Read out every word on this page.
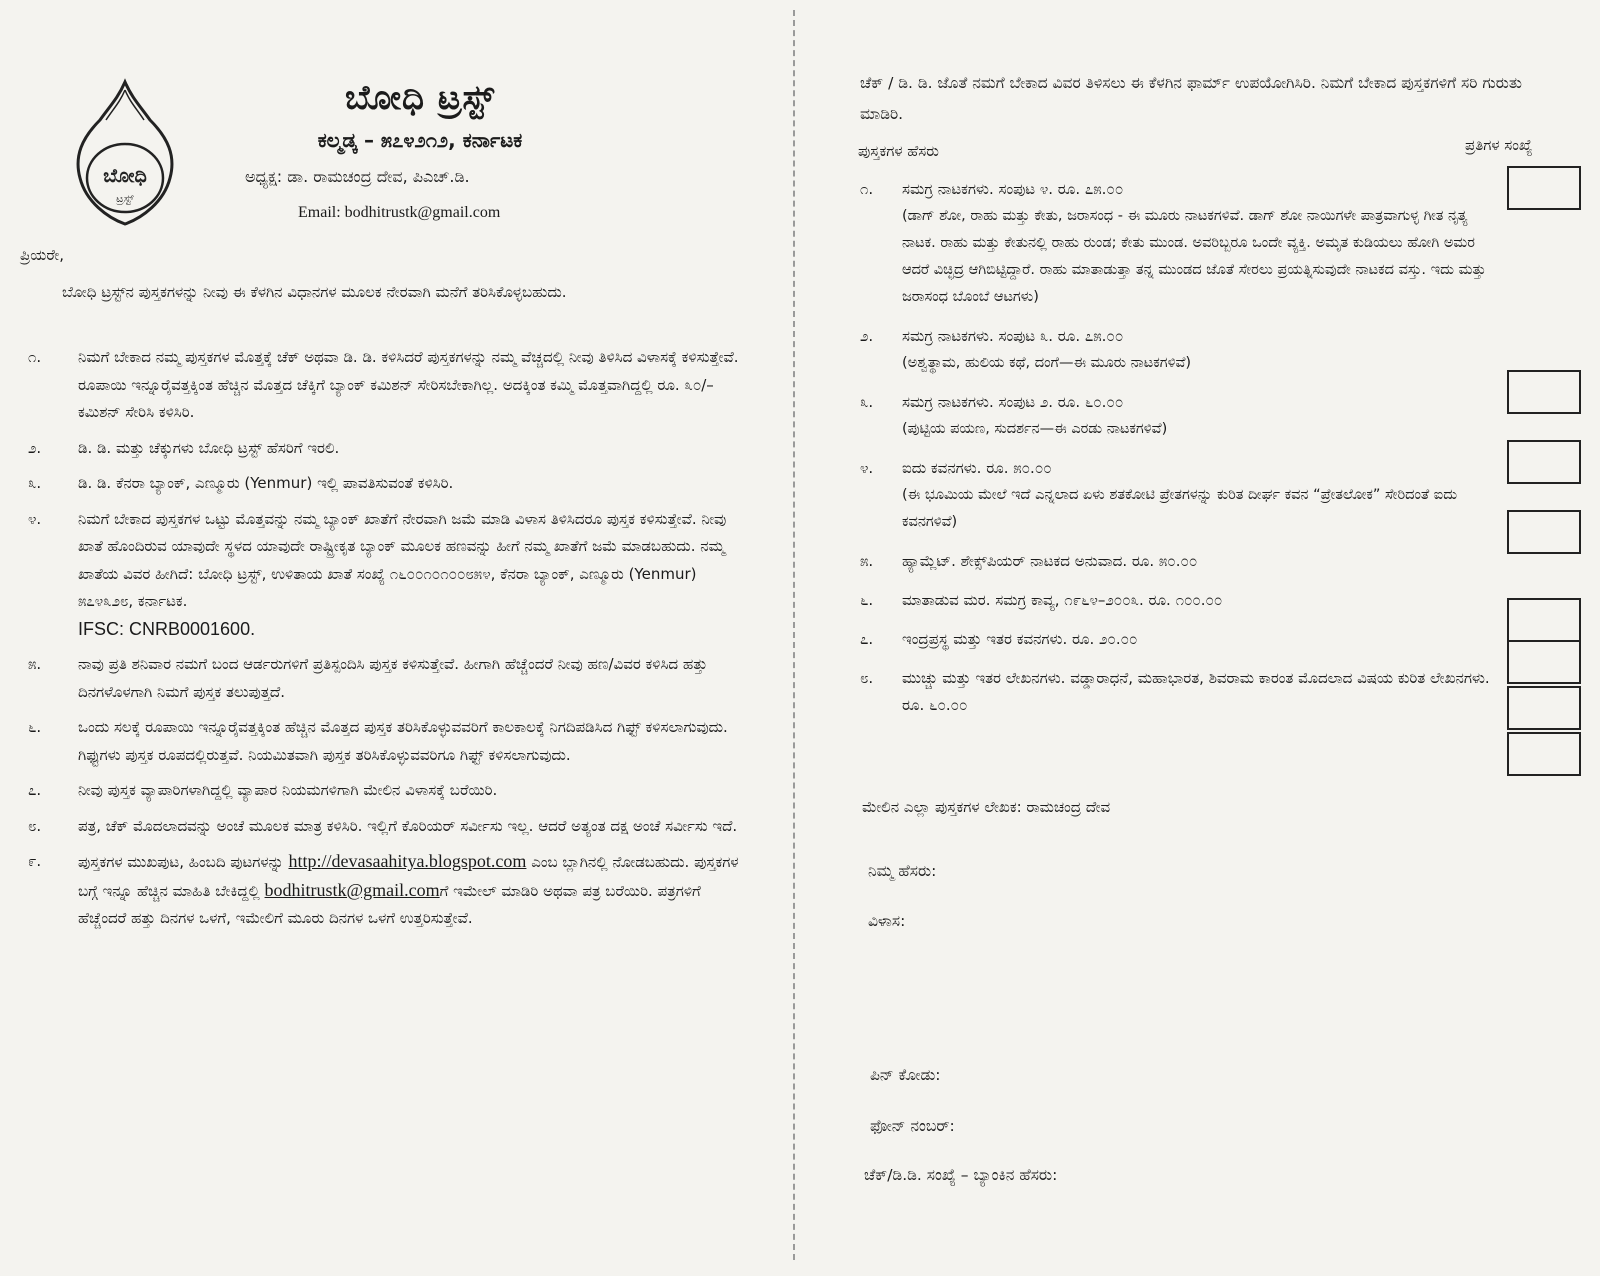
ಬೋಧಿ
ಟ್ರಸ್ಟ್
ಬೋಧಿ ಟ್ರಸ್ಟ್
ಕಲ್ಮಡ್ಕ – ೫೭೪೨೧೨, ಕರ್ನಾಟಕ
ಅಧ್ಯಕ್ಷ: ಡಾ. ರಾಮಚಂದ್ರ ದೇವ, ಪಿಎಚ್.ಡಿ.
Email: bodhitrustk@gmail.com
ಪ್ರಿಯರೇ,
ಬೋಧಿ ಟ್ರಸ್ಟ್‌ನ ಪುಸ್ತಕಗಳನ್ನು ನೀವು ಈ ಕೆಳಗಿನ ವಿಧಾನಗಳ ಮೂಲಕ ನೇರವಾಗಿ ಮನೆಗೆ ತರಿಸಿಕೊಳ್ಳಬಹುದು.
೧. ನಿಮಗೆ ಬೇಕಾದ ನಮ್ಮ ಪುಸ್ತಕಗಳ ಮೊತ್ತಕ್ಕೆ ಚೆಕ್ ಅಥವಾ ಡಿ. ಡಿ. ಕಳಿಸಿದರೆ ಪುಸ್ತಕಗಳನ್ನು ನಮ್ಮ ವೆಚ್ಚದಲ್ಲಿ ನೀವು ತಿಳಿಸಿದ ವಿಳಾಸಕ್ಕೆ ಕಳಿಸುತ್ತೇವೆ. ರೂಪಾಯಿ ಇನ್ನೂರೈವತ್ತಕ್ಕಿಂತ ಹೆಚ್ಚಿನ ಮೊತ್ತದ ಚೆಕ್ಕಿಗೆ ಬ್ಯಾಂಕ್ ಕಮಿಶನ್ ಸೇರಿಸಬೇಕಾಗಿಲ್ಲ. ಅದಕ್ಕಿಂತ ಕಮ್ಮಿ ಮೊತ್ತವಾಗಿದ್ದಲ್ಲಿ ರೂ. ೩೦/– ಕಮಿಶನ್ ಸೇರಿಸಿ ಕಳಿಸಿರಿ.
೨. ಡಿ. ಡಿ. ಮತ್ತು ಚೆಕ್ಕುಗಳು ಬೋಧಿ ಟ್ರಸ್ಟ್ ಹೆಸರಿಗೆ ಇರಲಿ.
೩. ಡಿ. ಡಿ. ಕೆನರಾ ಬ್ಯಾಂಕ್, ಎಣ್ಮೂರು (Yenmur) ಇಲ್ಲಿ ಪಾವತಿಸುವಂತೆ ಕಳಿಸಿರಿ.
೪. ನಿಮಗೆ ಬೇಕಾದ ಪುಸ್ತಕಗಳ ಒಟ್ಟು ಮೊತ್ತವನ್ನು ನಮ್ಮ ಬ್ಯಾಂಕ್ ಖಾತೆಗೆ ನೇರವಾಗಿ ಜಮೆ ಮಾಡಿ ವಿಳಾಸ ತಿಳಿಸಿದರೂ ಪುಸ್ತಕ ಕಳಿಸುತ್ತೇವೆ. ನೀವು ಖಾತೆ ಹೊಂದಿರುವ ಯಾವುದೇ ಸ್ಥಳದ ಯಾವುದೇ ರಾಷ್ಟ್ರೀಕೃತ ಬ್ಯಾಂಕ್ ಮೂಲಕ ಹಣವನ್ನು ಹೀಗೆ ನಮ್ಮ ಖಾತೆಗೆ ಜಮೆ ಮಾಡಬಹುದು. ನಮ್ಮ ಖಾತೆಯ ವಿವರ ಹೀಗಿದೆ: ಬೋಧಿ ಟ್ರಸ್ಟ್, ಉಳಿತಾಯ ಖಾತೆ ಸಂಖ್ಯೆ ೧೬೦೦೧೦೧೦೦೮೫೪, ಕೆನರಾ ಬ್ಯಾಂಕ್, ಎಣ್ಮೂರು (Yenmur) ೫೭೪೩೨೮, ಕರ್ನಾಟಕ.
IFSC: CNRB0001600.
೫. ನಾವು ಪ್ರತಿ ಶನಿವಾರ ನಮಗೆ ಬಂದ ಆರ್ಡರುಗಳಿಗೆ ಪ್ರತಿಸ್ಪಂದಿಸಿ ಪುಸ್ತಕ ಕಳಿಸುತ್ತೇವೆ. ಹೀಗಾಗಿ ಹೆಚ್ಚೆಂದರೆ ನೀವು ಹಣ/ವಿವರ ಕಳಿಸಿದ ಹತ್ತು ದಿನಗಳೊಳಗಾಗಿ ನಿಮಗೆ ಪುಸ್ತಕ ತಲುಪುತ್ತದೆ.
೬. ಒಂದು ಸಲಕ್ಕೆ ರೂಪಾಯಿ ಇನ್ನೂರೈವತ್ತಕ್ಕಿಂತ ಹೆಚ್ಚಿನ ಮೊತ್ತದ ಪುಸ್ತಕ ತರಿಸಿಕೊಳ್ಳುವವರಿಗೆ ಕಾಲಕಾಲಕ್ಕೆ ನಿಗದಿಪಡಿಸಿದ ಗಿಫ್ಟ್ ಕಳಿಸಲಾಗುವುದು. ಗಿಫ್ಟುಗಳು ಪುಸ್ತಕ ರೂಪದಲ್ಲಿರುತ್ತವೆ. ನಿಯಮಿತವಾಗಿ ಪುಸ್ತಕ ತರಿಸಿಕೊಳ್ಳುವವರಿಗೂ ಗಿಫ್ಟ್ ಕಳಿಸಲಾಗುವುದು.
೭. ನೀವು ಪುಸ್ತಕ ವ್ಯಾಪಾರಿಗಳಾಗಿದ್ದಲ್ಲಿ ವ್ಯಾಪಾರ ನಿಯಮಗಳಿಗಾಗಿ ಮೇಲಿನ ವಿಳಾಸಕ್ಕೆ ಬರೆಯಿರಿ.
೮. ಪತ್ರ, ಚೆಕ್ ಮೊದಲಾದವನ್ನು ಅಂಚೆ ಮೂಲಕ ಮಾತ್ರ ಕಳಿಸಿರಿ. ಇಲ್ಲಿಗೆ ಕೊರಿಯರ್ ಸರ್ವೀಸು ಇಲ್ಲ. ಆದರೆ ಅತ್ಯಂತ ದಕ್ಷ ಅಂಚೆ ಸರ್ವೀಸು ಇದೆ.
೯. ಪುಸ್ತಕಗಳ ಮುಖಪುಟ, ಹಿಂಬದಿ ಪುಟಗಳನ್ನು http://devasaahitya.blogspot.com ಎಂಬ ಬ್ಲಾಗಿನಲ್ಲಿ ನೋಡಬಹುದು. ಪುಸ್ತಕಗಳ ಬಗ್ಗೆ ಇನ್ನೂ ಹೆಚ್ಚಿನ ಮಾಹಿತಿ ಬೇಕಿದ್ದಲ್ಲಿ bodhitrustk@gmail.comಗೆ ಇಮೇಲ್ ಮಾಡಿರಿ ಅಥವಾ ಪತ್ರ ಬರೆಯಿರಿ. ಪತ್ರಗಳಿಗೆ ಹೆಚ್ಚೆಂದರೆ ಹತ್ತು ದಿನಗಳ ಒಳಗೆ, ಇಮೇಲಿಗೆ ಮೂರು ದಿನಗಳ ಒಳಗೆ ಉತ್ತರಿಸುತ್ತೇವೆ.
ಚೆಕ್ / ಡಿ. ಡಿ. ಜೊತೆ ನಮಗೆ ಬೇಕಾದ ವಿವರ ತಿಳಿಸಲು ಈ ಕೆಳಗಿನ ಫಾರ್ಮ್ ಉಪಯೋಗಿಸಿರಿ. ನಿಮಗೆ ಬೇಕಾದ ಪುಸ್ತಕಗಳಿಗೆ ಸರಿ ಗುರುತು ಮಾಡಿರಿ.
ಪುಸ್ತಕಗಳ ಹೆಸರು	ಪ್ರತಿಗಳ ಸಂಖ್ಯೆ
೧. ಸಮಗ್ರ ನಾಟಕಗಳು. ಸಂಪುಟ ೪. ರೂ. ೭೫.೦೦
(ಡಾಗ್ ಶೋ, ರಾಹು ಮತ್ತು ಕೇತು, ಜರಾಸಂಧ - ಈ ಮೂರು ನಾಟಕಗಳಿವೆ. ಡಾಗ್ ಶೋ ನಾಯಿಗಳೇ ಪಾತ್ರವಾಗುಳ್ಳ ಗೀತ ನೃತ್ಯ ನಾಟಕ. ರಾಹು ಮತ್ತು ಕೇತುನಲ್ಲಿ ರಾಹು ರುಂಡ; ಕೇತು ಮುಂಡ. ಅವರಿಬ್ಬರೂ ಒಂದೇ ವ್ಯಕ್ತಿ. ಅಮೃತ ಕುಡಿಯಲು ಹೋಗಿ ಅಮರ ಆದರೆ ವಿಚ್ಛಿದ್ರ ಆಗಿಬಿಟ್ಟಿದ್ದಾರೆ. ರಾಹು ಮಾತಾಡುತ್ತಾ ತನ್ನ ಮುಂಡದ ಜೊತೆ ಸೇರಲು ಪ್ರಯತ್ನಿಸುವುದೇ ನಾಟಕದ ವಸ್ತು. ಇದು ಮತ್ತು ಜರಾಸಂಧ ಬೊಂಬೆ ಆಟಗಳು)
೨. ಸಮಗ್ರ ನಾಟಕಗಳು. ಸಂಪುಟ ೩. ರೂ. ೭೫.೦೦
(ಅಶ್ವತ್ಥಾಮ, ಹುಲಿಯ ಕಥೆ, ದಂಗೆ—ಈ ಮೂರು ನಾಟಕಗಳಿವೆ)
೩. ಸಮಗ್ರ ನಾಟಕಗಳು. ಸಂಪುಟ ೨. ರೂ. ೬೦.೦೦
(ಪುಟ್ಟಿಯ ಪಯಣ, ಸುದರ್ಶನ—ಈ ಎರಡು ನಾಟಕಗಳಿವೆ)
೪. ಐದು ಕವನಗಳು. ರೂ. ೫೦.೦೦
(ಈ ಭೂಮಿಯ ಮೇಲೆ ಇದೆ ಎನ್ನಲಾದ ಏಳು ಶತಕೋಟಿ ಪ್ರೇತಗಳನ್ನು ಕುರಿತ ದೀರ್ಘ ಕವನ “ಪ್ರೇತಲೋಕ” ಸೇರಿದಂತೆ ಐದು ಕವನಗಳಿವೆ)
೫. ಹ್ಯಾಮ್ಲೆಟ್. ಶೇಕ್ಸ್‌ಪಿಯರ್ ನಾಟಕದ ಅನುವಾದ. ರೂ. ೫೦.೦೦
೬. ಮಾತಾಡುವ ಮರ. ಸಮಗ್ರ ಕಾವ್ಯ, ೧೯೬೪–೨೦೦೩. ರೂ. ೧೦೦.೦೦
೭. ಇಂದ್ರಪ್ರಸ್ಥ ಮತ್ತು ಇತರ ಕವನಗಳು. ರೂ. ೨೦.೦೦
೮. ಮುಚ್ಚು ಮತ್ತು ಇತರ ಲೇಖನಗಳು. ವಡ್ಡಾರಾಧನೆ, ಮಹಾಭಾರತ, ಶಿವರಾಮ ಕಾರಂತ ಮೊದಲಾದ ವಿಷಯ ಕುರಿತ ಲೇಖನಗಳು. ರೂ. ೬೦.೦೦
ಮೇಲಿನ ಎಲ್ಲಾ ಪುಸ್ತಕಗಳ ಲೇಖಕ: ರಾಮಚಂದ್ರ ದೇವ
ನಿಮ್ಮ ಹೆಸರು:
ವಿಳಾಸ:
ಪಿನ್ ಕೋಡು:
ಫೋನ್ ನಂಬರ್:
ಚೆಕ್/ಡಿ.ಡಿ. ಸಂಖ್ಯೆ – ಬ್ಯಾಂಕಿನ ಹೆಸರು:
